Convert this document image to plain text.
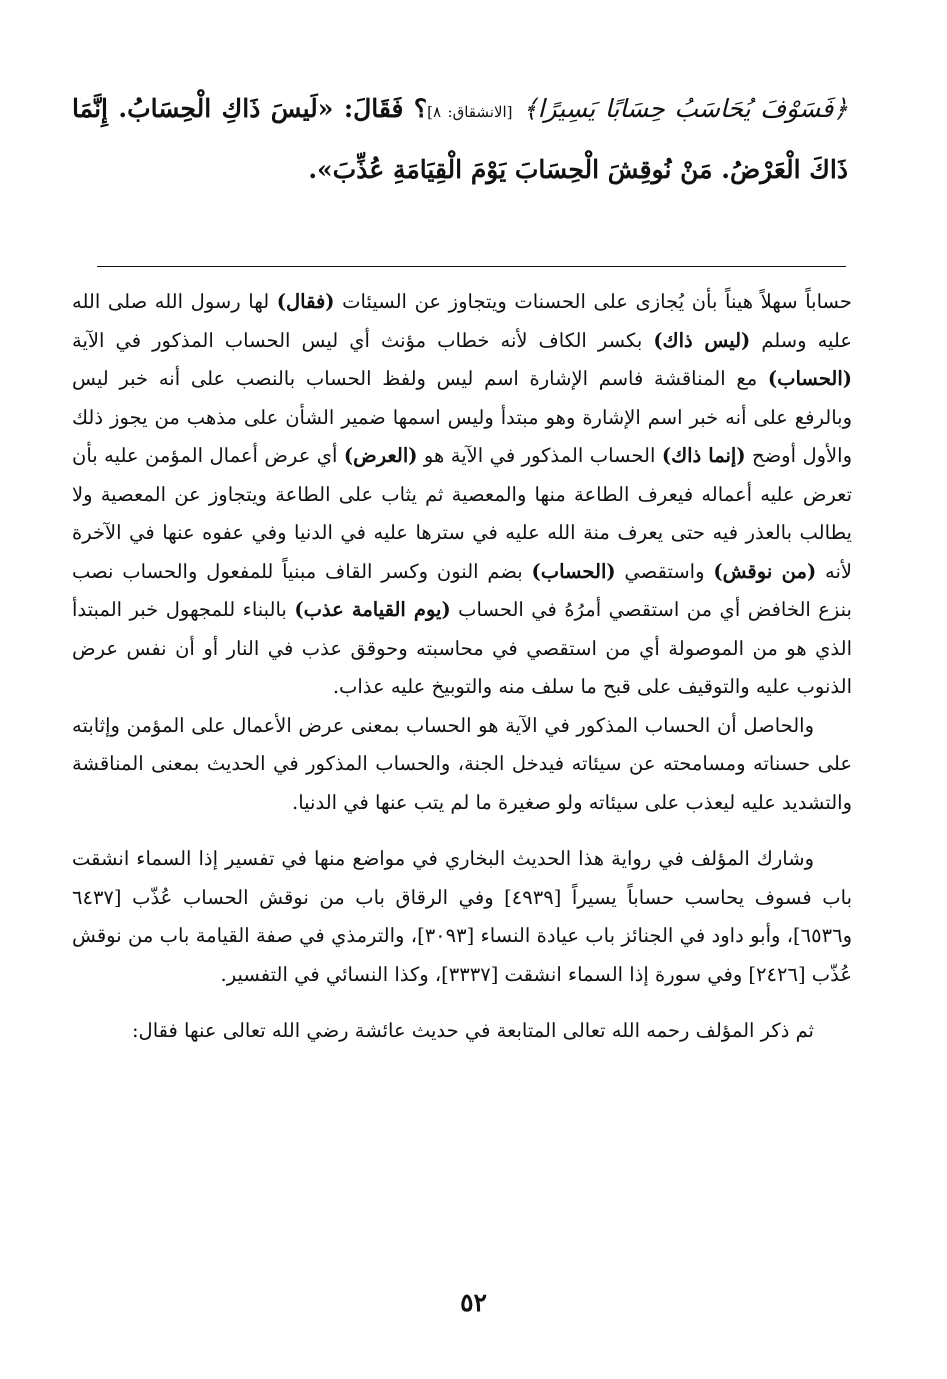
﴿فَسَوْفَ يُحَاسَبُ حِسَابًا يَسِيرًا﴾ [الانشقاق: ٨]؟ فَقَالَ: «لَيسَ ذَاكِ الْحِسَابُ. إِنَّمَا ذَاكَ الْعَرْضُ. مَنْ نُوقِشَ الْحِسَابَ يَوْمَ الْقِيَامَةِ عُذِّبَ».

حساباً سهلاً هيناً بأن يُجازى على الحسنات ويتجاوز عن السيئات (فقال) لها رسول الله صلى الله عليه وسلم (ليس ذاك) بكسر الكاف لأنه خطاب مؤنث أي ليس الحساب المذكور في الآية (الحساب) مع المناقشة فاسم الإشارة اسم ليس ولفظ الحساب بالنصب على أنه خبر ليس وبالرفع على أنه خبر اسم الإشارة وهو مبتدأ وليس اسمها ضمير الشأن على مذهب من يجوز ذلك والأول أوضح (إنما ذاك) الحساب المذكور في الآية هو (العرض) أي عرض أعمال المؤمن عليه بأن تعرض عليه أعماله فيعرف الطاعة منها والمعصية ثم يثاب على الطاعة ويتجاوز عن المعصية ولا يطالب بالعذر فيه حتى يعرف منة الله عليه في سترها عليه في الدنيا وفي عفوه عنها في الآخرة لأنه (من نوقش) واستقصي (الحساب) بضم النون وكسر القاف مبنياً للمفعول والحساب نصب بنزع الخافض أي من استقصي أمرُهُ في الحساب (يوم القيامة عذب) بالبناء للمجهول خبر المبتدأ الذي هو من الموصولة أي من استقصي في محاسبته وحوقق عذب في النار أو أن نفس عرض الذنوب عليه والتوقيف على قبح ما سلف منه والتوبيخ عليه عذاب.

والحاصل أن الحساب المذكور في الآية هو الحساب بمعنى عرض الأعمال على المؤمن وإثابته على حسناته ومسامحته عن سيئاته فيدخل الجنة، والحساب المذكور في الحديث بمعنى المناقشة والتشديد عليه ليعذب على سيئاته ولو صغيرة ما لم يتب عنها في الدنيا.

وشارك المؤلف في رواية هذا الحديث البخاري في مواضع منها في تفسير إذا السماء انشقت باب فسوف يحاسب حساباً يسيراً [٤٩٣٩] وفي الرقاق باب من نوقش الحساب عُذّب [٦٤٣٧ و٦٥٣٦]، وأبو داود في الجنائز باب عيادة النساء [٣٠٩٣]، والترمذي في صفة القيامة باب من نوقش عُذّب [٢٤٢٦] وفي سورة إذا السماء انشقت [٣٣٣٧]، وكذا النسائي في التفسير.

ثم ذكر المؤلف رحمه الله تعالى المتابعة في حديث عائشة رضي الله تعالى عنها فقال:

٥٢
